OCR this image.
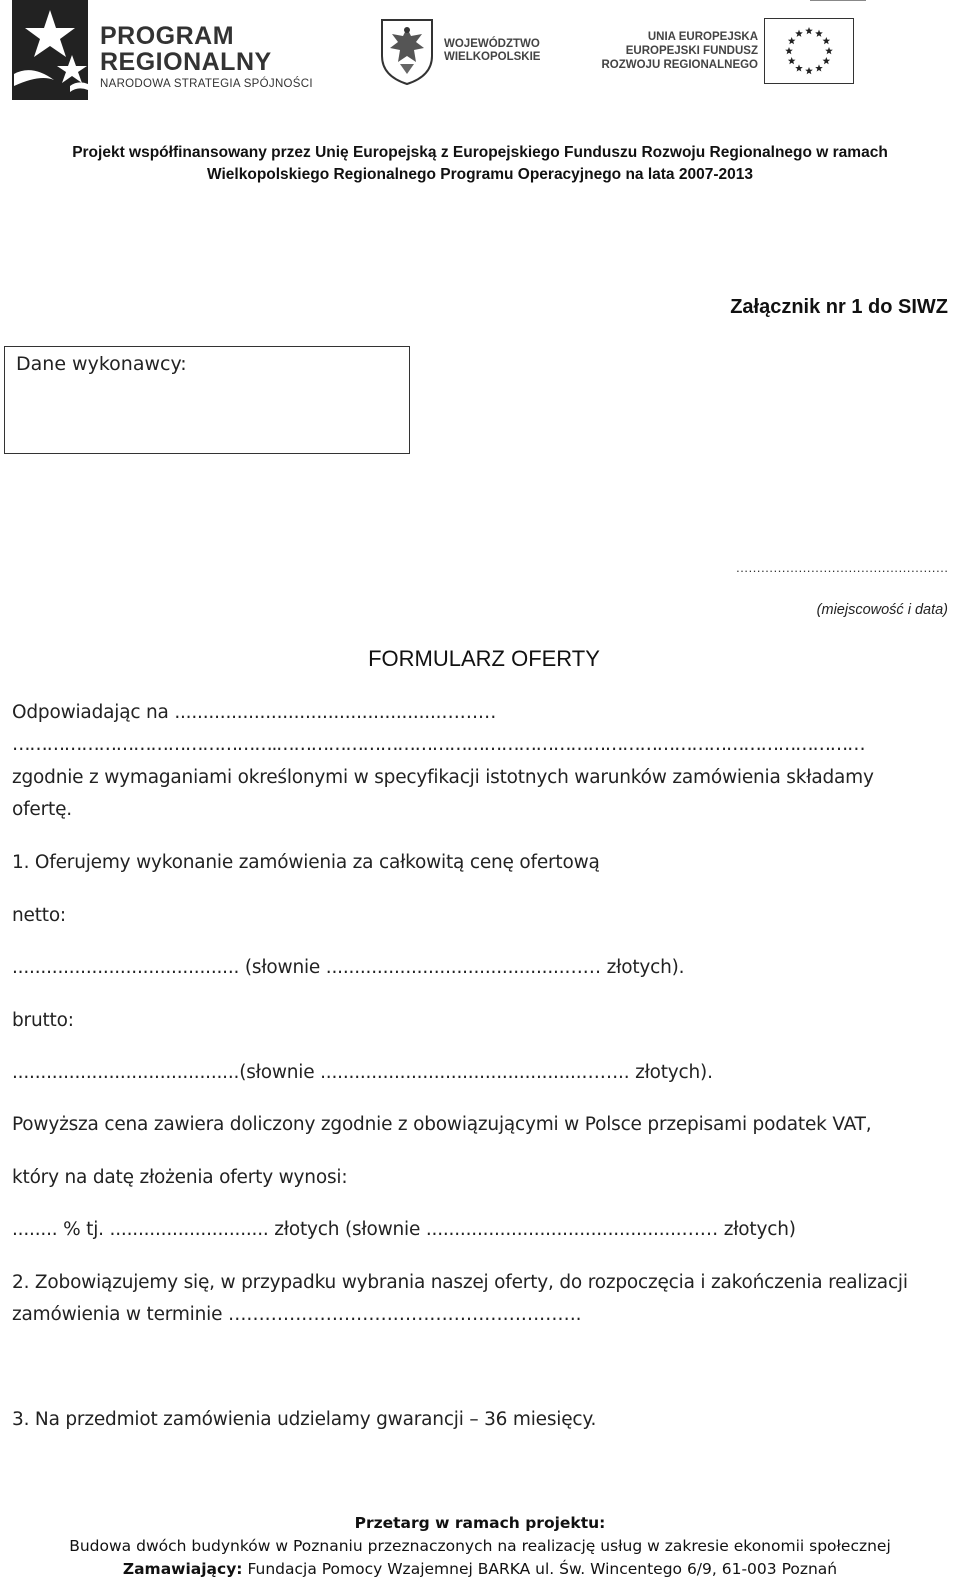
PROGRAM
REGIONALNY
NARODOWA STRATEGIA SPÓJNOŚCI
WOJEWÓDZTWO
WIELKOPOLSKIE
UNIA EUROPEJSKA
EUROPEJSKI FUNDUSZ
ROZWOJU REGIONALNEGO
Projekt współfinansowany przez Unię Europejską z Europejskiego Funduszu Rozwoju Regionalnego w ramach
Wielkopolskiego Regionalnego Programu Operacyjnego na lata 2007-2013
Załącznik nr 1 do SIWZ
Dane wykonawcy:
……………………………………………
(miejscowość i data)
FORMULARZ OFERTY
Odpowiadając na ...............................................………
……………………………………….…………………………………………………………………………………………
zgodnie z wymaganiami określonymi w specyfikacji istotnych warunków zamówienia składamy
ofertę.
1. Oferujemy wykonanie zamówienia za całkowitą cenę ofertową
netto:
........................................ (słownie ..........................................…… złotych).
brutto:
........................................(słownie ..............................................…….. złotych).
Powyższa cena zawiera doliczony zgodnie z obowiązującymi w Polsce przepisami podatek VAT,
który na datę złożenia oferty wynosi:
........ % tj. ............................ złotych (słownie .............................................…… złotych)
2. Zobowiązujemy się, w przypadku wybrania naszej oferty, do rozpoczęcia i zakończenia realizacji
zamówienia w terminie ………………………………………………….
3. Na przedmiot zamówienia udzielamy gwarancji – 36 miesięcy.
Przetarg w ramach projektu:
Budowa dwóch budynków w Poznaniu przeznaczonych na realizację usług w zakresie ekonomii społecznej
Zamawiający: Fundacja Pomocy Wzajemnej BARKA ul. Św. Wincentego 6/9, 61-003 Poznań
